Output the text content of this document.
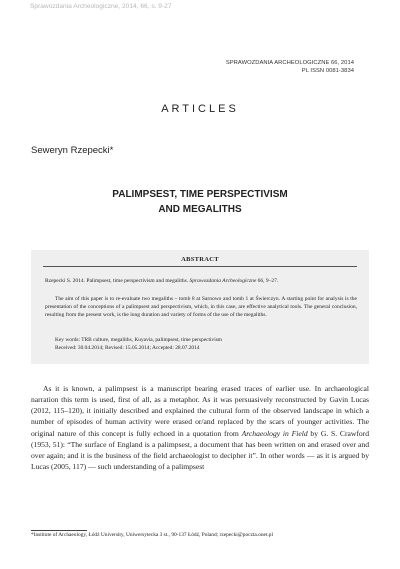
Sprawozdania Archeologiczne, 2014, 66, s. 9-27
SPRAWOZDANIA ARCHEOLOGICZNE 66, 2014
PL ISSN 0081-3834
ARTICLES
Seweryn Rzepecki*
PALIMPSEST, TIME PERSPECTIVISM
AND MEGALITHS
ABSTRACT
Rzepecki S. 2014. Palimpsest, time perspectivism and megaliths. Sprawozdania Archeologiczne 66, 9–27.
The aim of this paper is to re-evaluate two megaliths – tomb 8 at Sarnowo and tomb 1 at Świerczyn. A starting point for analysis is the presentation of the conceptions of a palimpsest and perspectivism, which, in this case, are effective analytical tools. The general conclusion, resulting from the present work, is the long duration and variety of forms of the use of the megaliths.
Key words: TRB culture, megaliths, Kuyavia, palimpsest, time perspectivism
Received: 30.04.2014; Revised: 15.05.2014; Accepted: 28.07.2014
As it is known, a palimpsest is a manuscript bearing erased traces of earlier use. In archaeological narration this term is used, first of all, as a metaphor. As it was persuasively reconstructed by Gavin Lucas (2012, 115–120), it initially described and explained the cultural form of the observed landscape in which a number of episodes of human activity were erased or/and replaced by the scars of younger activities. The original nature of this concept is fully echoed in a quotation from Archaeology in Field by G. S. Crawford (1953, 51): “The surface of England is a palimpsest, a document that has been written on and erased over and over again; and it is the business of the field archaeologist to decipher it”. In other words — as it is argued by Lucas (2005, 117) — such understanding of a palimpsest
*Institute of Archaeology, Łódź University, Uniwersytecka 3 st., 90-137 Łódź, Poland; rzepecki@poczta.onet.pl
